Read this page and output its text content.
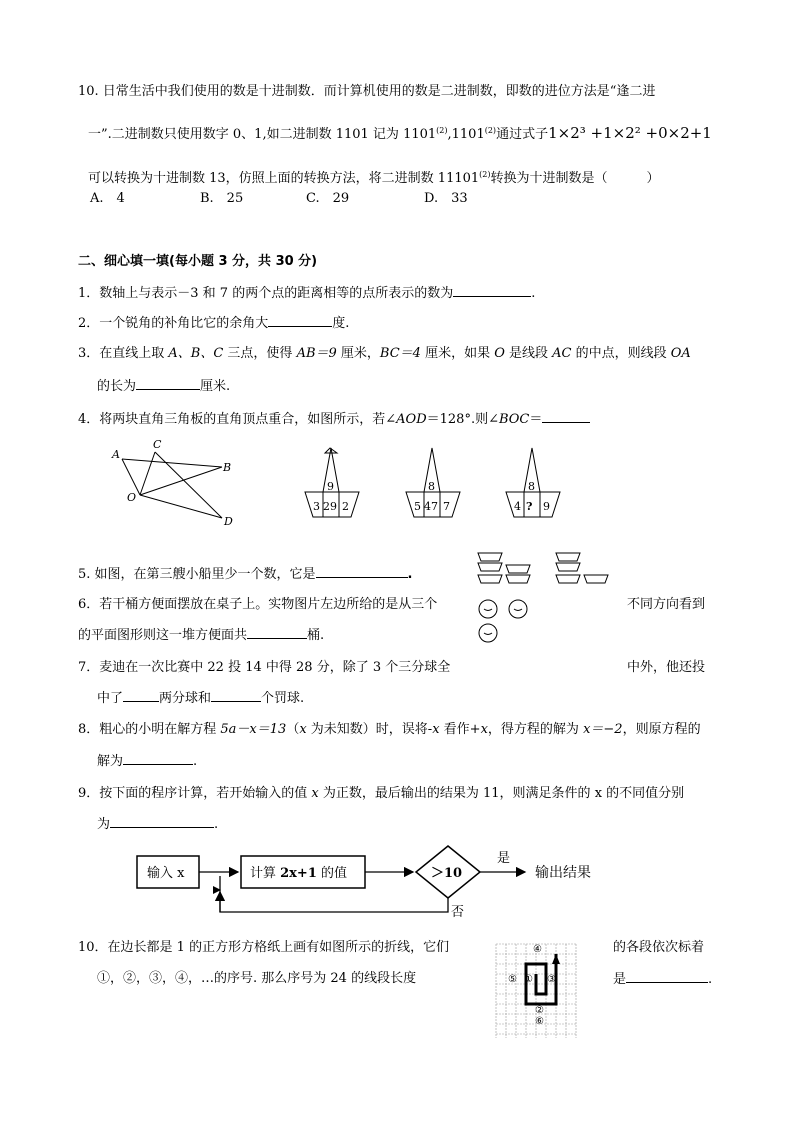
10. 日常生活中我们使用的数是十进制数．而计算机使用的数是二进制数，即数的进位方法是“逢二进
一”.二进制数只使用数字 0、1,如二进制数 1101 记为 1101$^{(2)}$,1101$^{(2)}$通过式子1×2³ +1×2² +0×2+1
可以转换为十进制数 13，仿照上面的转换方法，将二进制数 11101$^{(2)}$转换为十进制数是（　　　）
A.　4	B.　25	C.　29	D.　33
二、细心填一填(每小题 3 分，共 30 分)
1．数轴上与表示－3 和 7 的两个点的距离相等的点所表示的数为	.
2．一个锐角的补角比它的余角大	度.
3．在直线上取 A、B、C 三点，使得 AB＝9 厘米，BC＝4 厘米，如果 O 是线段 AC 的中点，则线段 OA
的长为	厘米.
4．将两块直角三角板的直角顶点重合，如图所示，若∠AOD＝128°.则∠BOC＝
A
C
B
O
D
9
3 29 2
8
5 47 7
8
4 ? 9
5. 如图，在第三艘小船里少一个数，它是	.
6．若干桶方便面摆放在桌子上。实物图片左边所给的是从三个	不同方向看到
的平面图形则这一堆方便面共	桶.
7．麦迪在一次比赛中 22 投 14 中得 28 分，除了 3 个三分球全	中外，他还投
中了	两分球和	个罚球.
8．粗心的小明在解方程 5a－x＝13（x 为未知数）时，误将-x 看作+x，得方程的解为 x＝−2，则原方程的
解为	.
9．按下面的程序计算，若开始输入的值 x 为正数，最后输出的结果为 11，则满足条件的 x 的不同值分别
为	.
输入 x	计算 2x+1 的值	＞10
是
输出结果
否
10．在边长都是 1 的正方形方格纸上画有如图所示的折线，它们	的各段依次标着
①，②，③，④，…的序号. 那么序号为 24 的线段长度	是	.
④
⑤ ① ③
②
⑥
